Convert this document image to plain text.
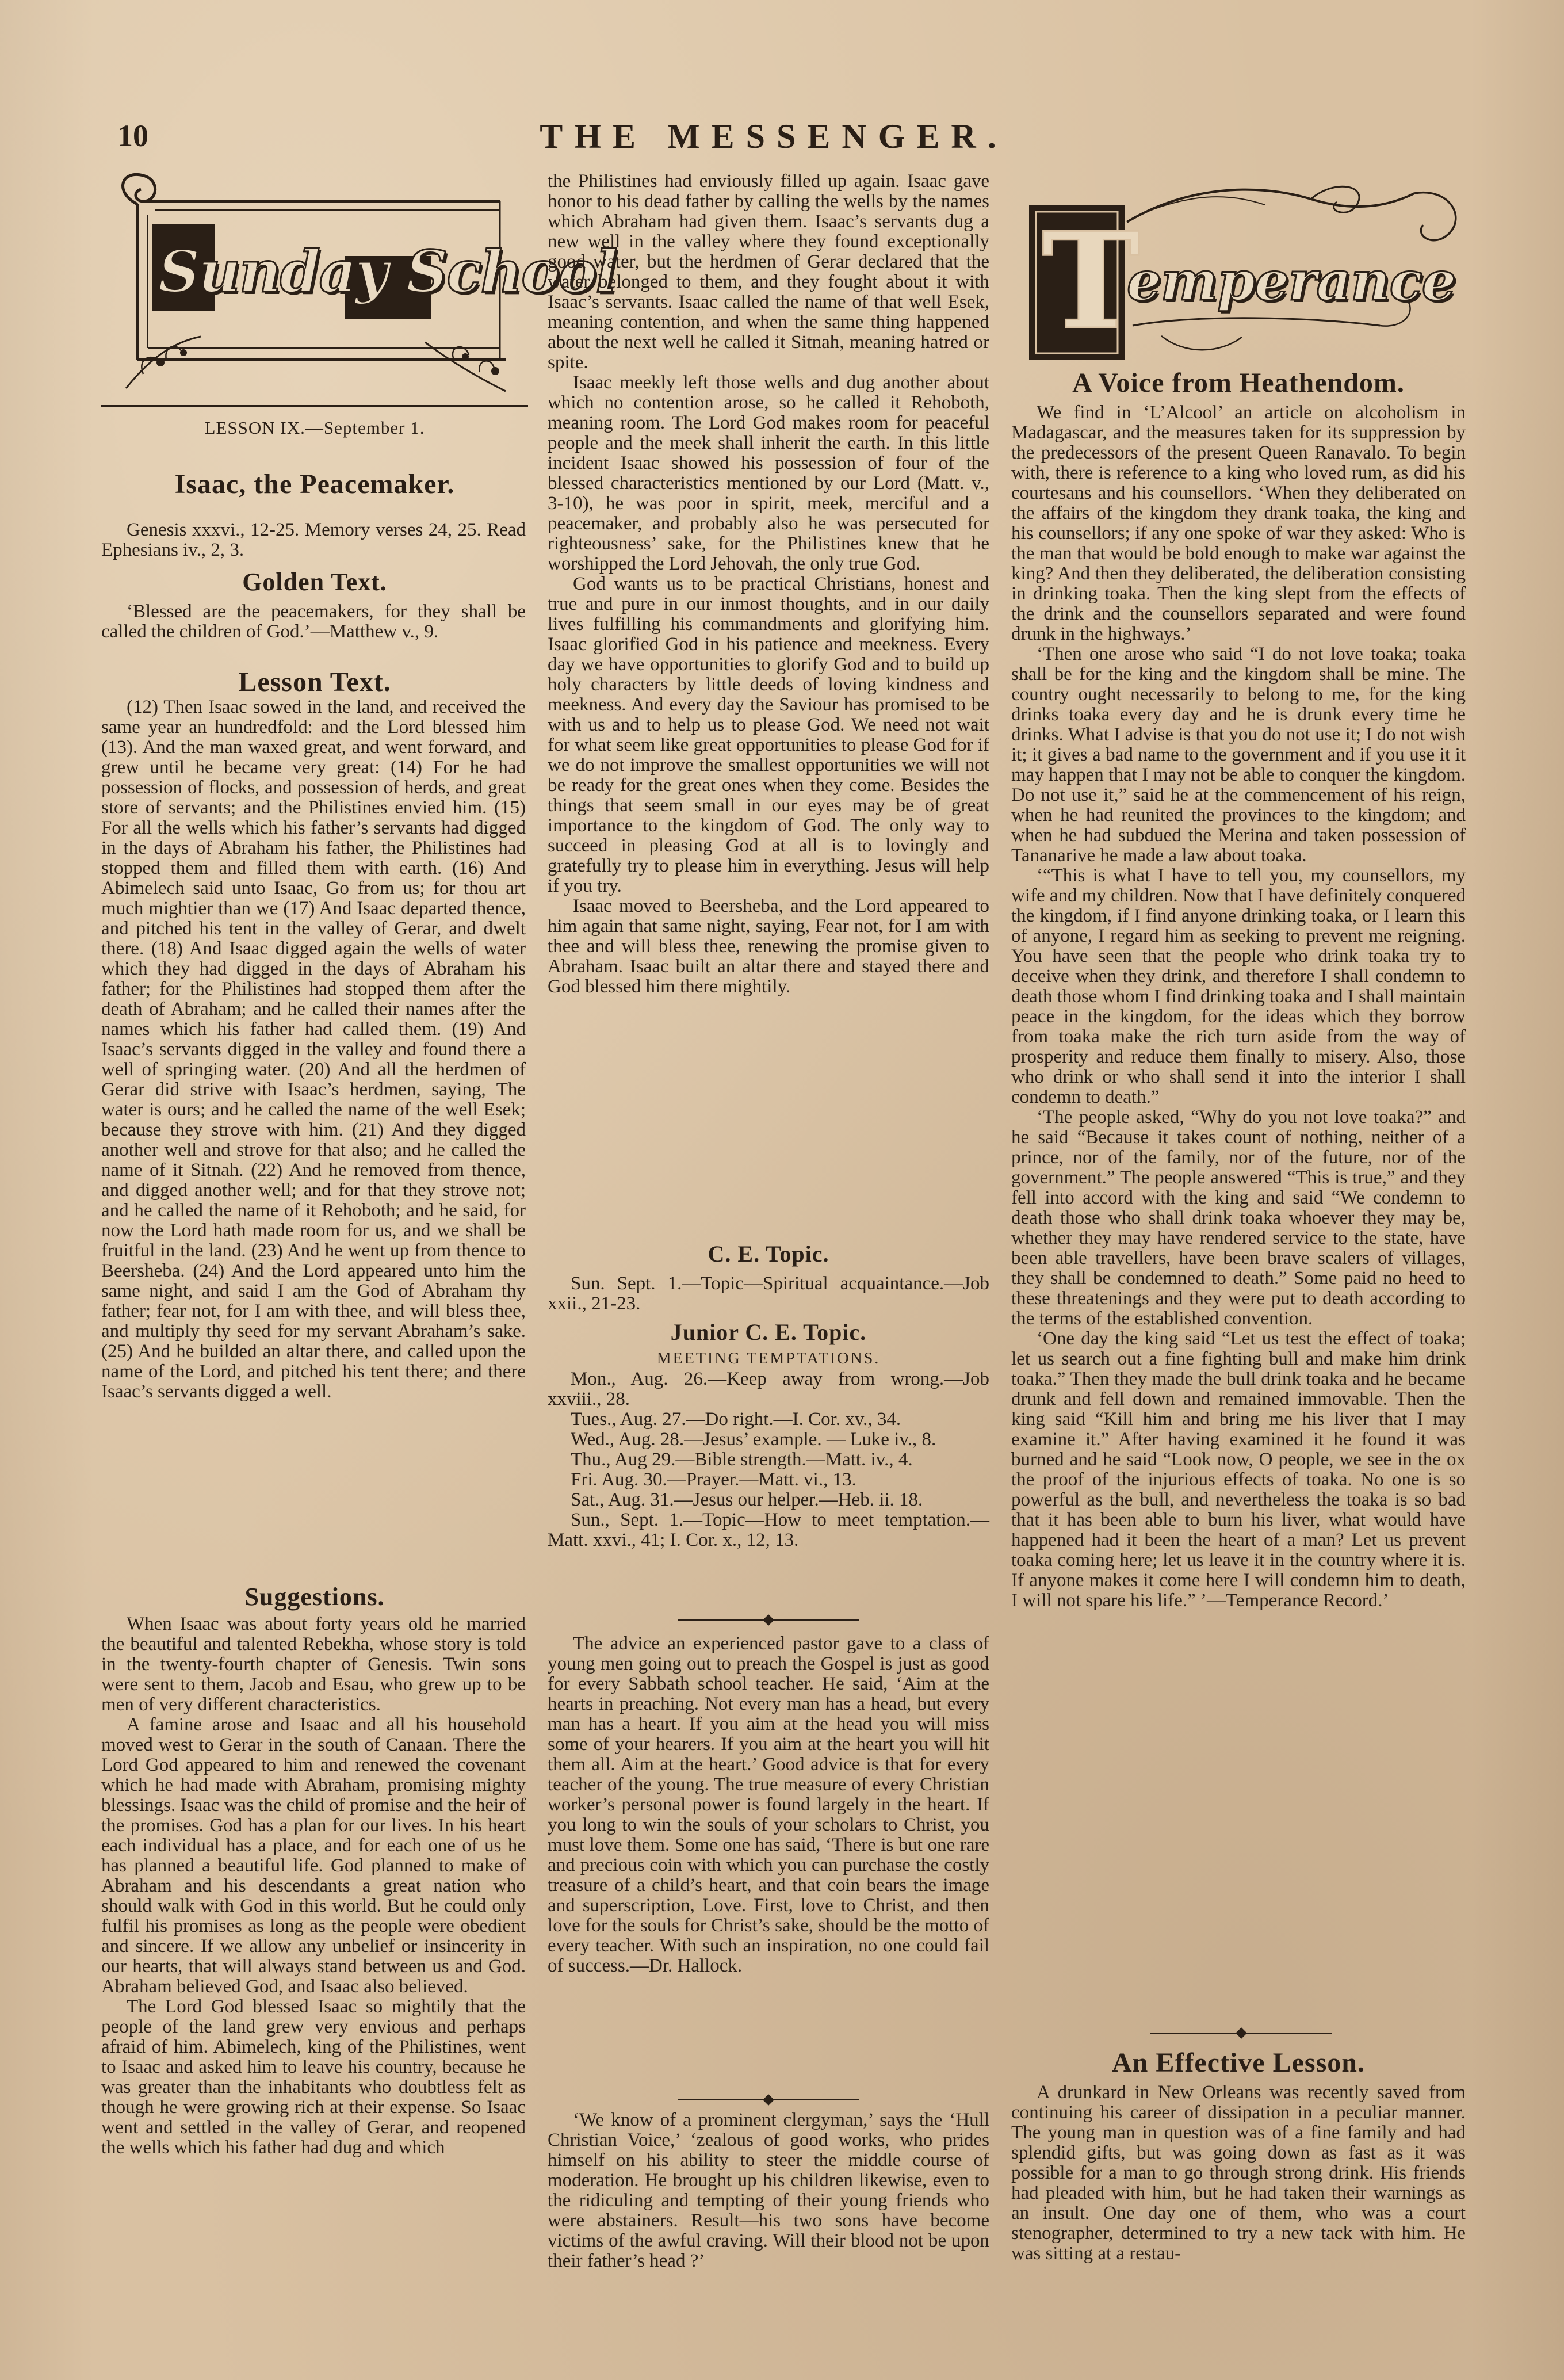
10	THE MESSENGER.
Sunday School
LESSON IX.—September 1.
Isaac, the Peacemaker.

Genesis xxxvi., 12-25. Memory verses 24, 25. Read Ephesians iv., 2, 3.

Golden Text.

‘Blessed are the peacemakers, for they shall be called the children of God.’—Matthew v., 9.

Lesson Text.

(12) Then Isaac sowed in the land, and received the same year an hundredfold: and the Lord blessed him (13). And the man waxed great, and went forward, and grew until he became very great: (14) For he had possession of flocks, and possession of herds, and great store of servants; and the Philistines envied him. (15) For all the wells which his father’s servants had digged in the days of Abraham his father, the Philistines had stopped them and filled them with earth. (16) And Abimelech said unto Isaac, Go from us; for thou art much mightier than we (17) And Isaac departed thence, and pitched his tent in the valley of Gerar, and dwelt there. (18) And Isaac digged again the wells of water which they had digged in the days of Abraham his father; for the Philistines had stopped them after the death of Abraham; and he called their names after the names which his father had called them. (19) And Isaac’s servants digged in the valley and found there a well of springing water. (20) And all the herdmen of Gerar did strive with Isaac’s herdmen, saying, The water is ours; and he called the name of the well Esek; because they strove with him. (21) And they digged another well and strove for that also; and he called the name of it Sitnah. (22) And he removed from thence, and digged another well; and for that they strove not; and he called the name of it Rehoboth; and he said, for now the Lord hath made room for us, and we shall be fruitful in the land. (23) And he went up from thence to Beersheba. (24) And the Lord appeared unto him the same night, and said I am the God of Abraham thy father; fear not, for I am with thee, and will bless thee, and multiply thy seed for my servant Abraham’s sake. (25) And he builded an altar there, and called upon the name of the Lord, and pitched his tent there; and there Isaac’s servants digged a well.

Suggestions.

When Isaac was about forty years old he married the beautiful and talented Rebekha, whose story is told in the twenty-fourth chapter of Genesis. Twin sons were sent to them, Jacob and Esau, who grew up to be men of very different characteristics.

A famine arose and Isaac and all his household moved west to Gerar in the south of Canaan. There the Lord God appeared to him and renewed the covenant which he had made with Abraham, promising mighty blessings. Isaac was the child of promise and the heir of the promises. God has a plan for our lives. In his heart each individual has a place, and for each one of us he has planned a beautiful life. God planned to make of Abraham and his descendants a great nation who should walk with God in this world. But he could only fulfil his promises as long as the people were obedient and sincere. If we allow any unbelief or insincerity in our hearts, that will always stand between us and God. Abraham believed God, and Isaac also believed.

The Lord God blessed Isaac so mightily that the people of the land grew very envious and perhaps afraid of him. Abimelech, king of the Philistines, went to Isaac and asked him to leave his country, because he was greater than the inhabitants who doubtless felt as though he were growing rich at their expense. So Isaac went and settled in the valley of Gerar, and reopened the wells which his father had dug and which

the Philistines had enviously filled up again. Isaac gave honor to his dead father by calling the wells by the names which Abraham had given them. Isaac’s servants dug a new well in the valley where they found exceptionally good water, but the herdmen of Gerar declared that the water belonged to them, and they fought about it with Isaac’s servants. Isaac called the name of that well Esek, meaning contention, and when the same thing happened about the next well he called it Sitnah, meaning hatred or spite.

Isaac meekly left those wells and dug another about which no contention arose, so he called it Rehoboth, meaning room. The Lord God makes room for peaceful people and the meek shall inherit the earth. In this little incident Isaac showed his possession of four of the blessed characteristics mentioned by our Lord (Matt. v., 3-10), he was poor in spirit, meek, merciful and a peacemaker, and probably also he was persecuted for righteousness’ sake, for the Philistines knew that he worshipped the Lord Jehovah, the only true God.

God wants us to be practical Christians, honest and true and pure in our inmost thoughts, and in our daily lives fulfilling his commandments and glorifying him. Isaac glorified God in his patience and meekness. Every day we have opportunities to glorify God and to build up holy characters by little deeds of loving kindness and meekness. And every day the Saviour has promised to be with us and to help us to please God. We need not wait for what seem like great opportunities to please God for if we do not improve the smallest opportunities we will not be ready for the great ones when they come. Besides the things that seem small in our eyes may be of great importance to the kingdom of God. The only way to succeed in pleasing God at all is to lovingly and gratefully try to please him in everything. Jesus will help if you try.

Isaac moved to Beersheba, and the Lord appeared to him again that same night, saying, Fear not, for I am with thee and will bless thee, renewing the promise given to Abraham. Isaac built an altar there and stayed there and God blessed him there mightily.

C. E. Topic.

Sun. Sept. 1.—Topic—Spiritual acquaintance.—Job xxii., 21-23.

Junior C. E. Topic.
MEETING TEMPTATIONS.

Mon., Aug. 26.—Keep away from wrong.—Job xxviii., 28.

Tues., Aug. 27.—Do right.—I. Cor. xv., 34.

Wed., Aug. 28.—Jesus’ example. — Luke iv., 8.

Thu., Aug 29.—Bible strength.—Matt. iv., 4.

Fri. Aug. 30.—Prayer.—Matt. vi., 13.

Sat., Aug. 31.—Jesus our helper.—Heb. ii. 18.

Sun., Sept. 1.—Topic—How to meet temptation.—Matt. xxvi., 41; I. Cor. x., 12, 13.

The advice an experienced pastor gave to a class of young men going out to preach the Gospel is just as good for every Sabbath school teacher. He said, ‘Aim at the hearts in preaching. Not every man has a head, but every man has a heart. If you aim at the head you will miss some of your hearers. If you aim at the heart you will hit them all. Aim at the heart.’ Good advice is that for every teacher of the young. The true measure of every Christian worker’s personal power is found largely in the heart. If you long to win the souls of your scholars to Christ, you must love them. Some one has said, ‘There is but one rare and precious coin with which you can purchase the costly treasure of a child’s heart, and that coin bears the image and superscription, Love. First, love to Christ, and then love for the souls for Christ’s sake, should be the motto of every teacher. With such an inspiration, no one could fail of success.—Dr. Hallock.

‘We know of a prominent clergyman,’ says the ‘Hull Christian Voice,’ ‘zealous of good works, who prides himself on his ability to steer the middle course of moderation. He brought up his children likewise, even to the ridiculing and tempting of their young friends who were abstainers. Result—his two sons have become victims of the awful craving. Will their blood not be upon their father’s head ?’

T
emperance
A Voice from Heathendom.

We find in ‘L’Alcool’ an article on alcoholism in Madagascar, and the measures taken for its suppression by the predecessors of the present Queen Ranavalo. To begin with, there is reference to a king who loved rum, as did his courtesans and his counsellors. ‘When they deliberated on the affairs of the kingdom they drank toaka, the king and his counsellors; if any one spoke of war they asked: Who is the man that would be bold enough to make war against the king? And then they deliberated, the deliberation consisting in drinking toaka. Then the king slept from the effects of the drink and the counsellors separated and were found drunk in the highways.’

‘Then one arose who said “I do not love toaka; toaka shall be for the king and the kingdom shall be mine. The country ought necessarily to belong to me, for the king drinks toaka every day and he is drunk every time he drinks. What I advise is that you do not use it; I do not wish it; it gives a bad name to the government and if you use it it may happen that I may not be able to conquer the kingdom. Do not use it,” said he at the commencement of his reign, when he had reunited the provinces to the kingdom; and when he had subdued the Merina and taken possession of Tananarive he made a law about toaka.

‘“This is what I have to tell you, my counsellors, my wife and my children. Now that I have definitely conquered the kingdom, if I find anyone drinking toaka, or I learn this of anyone, I regard him as seeking to prevent me reigning. You have seen that the people who drink toaka try to deceive when they drink, and therefore I shall condemn to death those whom I find drinking toaka and I shall maintain peace in the kingdom, for the ideas which they borrow from toaka make the rich turn aside from the way of prosperity and reduce them finally to misery. Also, those who drink or who shall send it into the interior I shall condemn to death.”

‘The people asked, “Why do you not love toaka?” and he said “Because it takes count of nothing, neither of a prince, nor of the family, nor of the future, nor of the government.” The people answered “This is true,” and they fell into accord with the king and said “We condemn to death those who shall drink toaka whoever they may be, whether they may have rendered service to the state, have been able travellers, have been brave scalers of villages, they shall be condemned to death.” Some paid no heed to these threatenings and they were put to death according to the terms of the established convention.

‘One day the king said “Let us test the effect of toaka; let us search out a fine fighting bull and make him drink toaka.” Then they made the bull drink toaka and he became drunk and fell down and remained immovable. Then the king said “Kill him and bring me his liver that I may examine it.” After having examined it he found it was burned and he said “Look now, O people, we see in the ox the proof of the injurious effects of toaka. No one is so powerful as the bull, and nevertheless the toaka is so bad that it has been able to burn his liver, what would have happened had it been the heart of a man? Let us prevent toaka coming here; let us leave it in the country where it is. If anyone makes it come here I will condemn him to death, I will not spare his life.” ’—Temperance Record.’

An Effective Lesson.

A drunkard in New Orleans was recently saved from continuing his career of dissipation in a peculiar manner. The young man in question was of a fine family and had splendid gifts, but was going down as fast as it was possible for a man to go through strong drink. His friends had pleaded with him, but he had taken their warnings as an insult. One day one of them, who was a court stenographer, determined to try a new tack with him. He was sitting at a restau-
